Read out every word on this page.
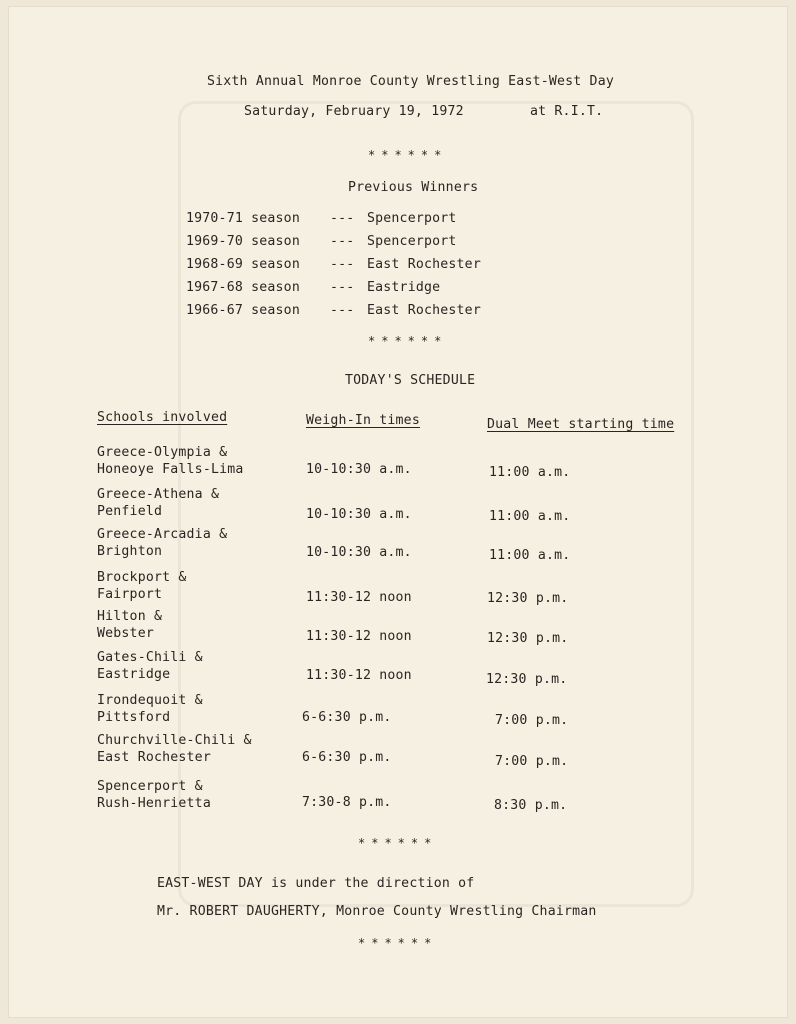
Sixth Annual Monroe County Wrestling East-West Day
Saturday, February 19, 1972	at R.I.T.
******
Previous Winners
1970-71 season --- Spencerport
1969-70 season --- Spencerport
1968-69 season --- East Rochester
1967-68 season --- Eastridge
1966-67 season --- East Rochester
******
TODAY'S SCHEDULE
Schools involved	Weigh-In times	Dual Meet starting time
Greece-Olympia &
Honeoye Falls-Lima	10-10:30 a.m.	11:00 a.m.
Greece-Athena &
Penfield	10-10:30 a.m.	11:00 a.m.
Greece-Arcadia &
Brighton	10-10:30 a.m.	11:00 a.m.
Brockport &
Fairport	11:30-12 noon	12:30 p.m.
Hilton &
Webster	11:30-12 noon	12:30 p.m.
Gates-Chili &
Eastridge	11:30-12 noon	12:30 p.m.
Irondequoit &
Pittsford	6-6:30 p.m.	7:00 p.m.
Churchville-Chili &
East Rochester	6-6:30 p.m.	7:00 p.m.
Spencerport &
Rush-Henrietta	7:30-8 p.m.	8:30 p.m.
******
EAST-WEST DAY is under the direction of
Mr. ROBERT DAUGHERTY, Monroe County Wrestling Chairman
******
